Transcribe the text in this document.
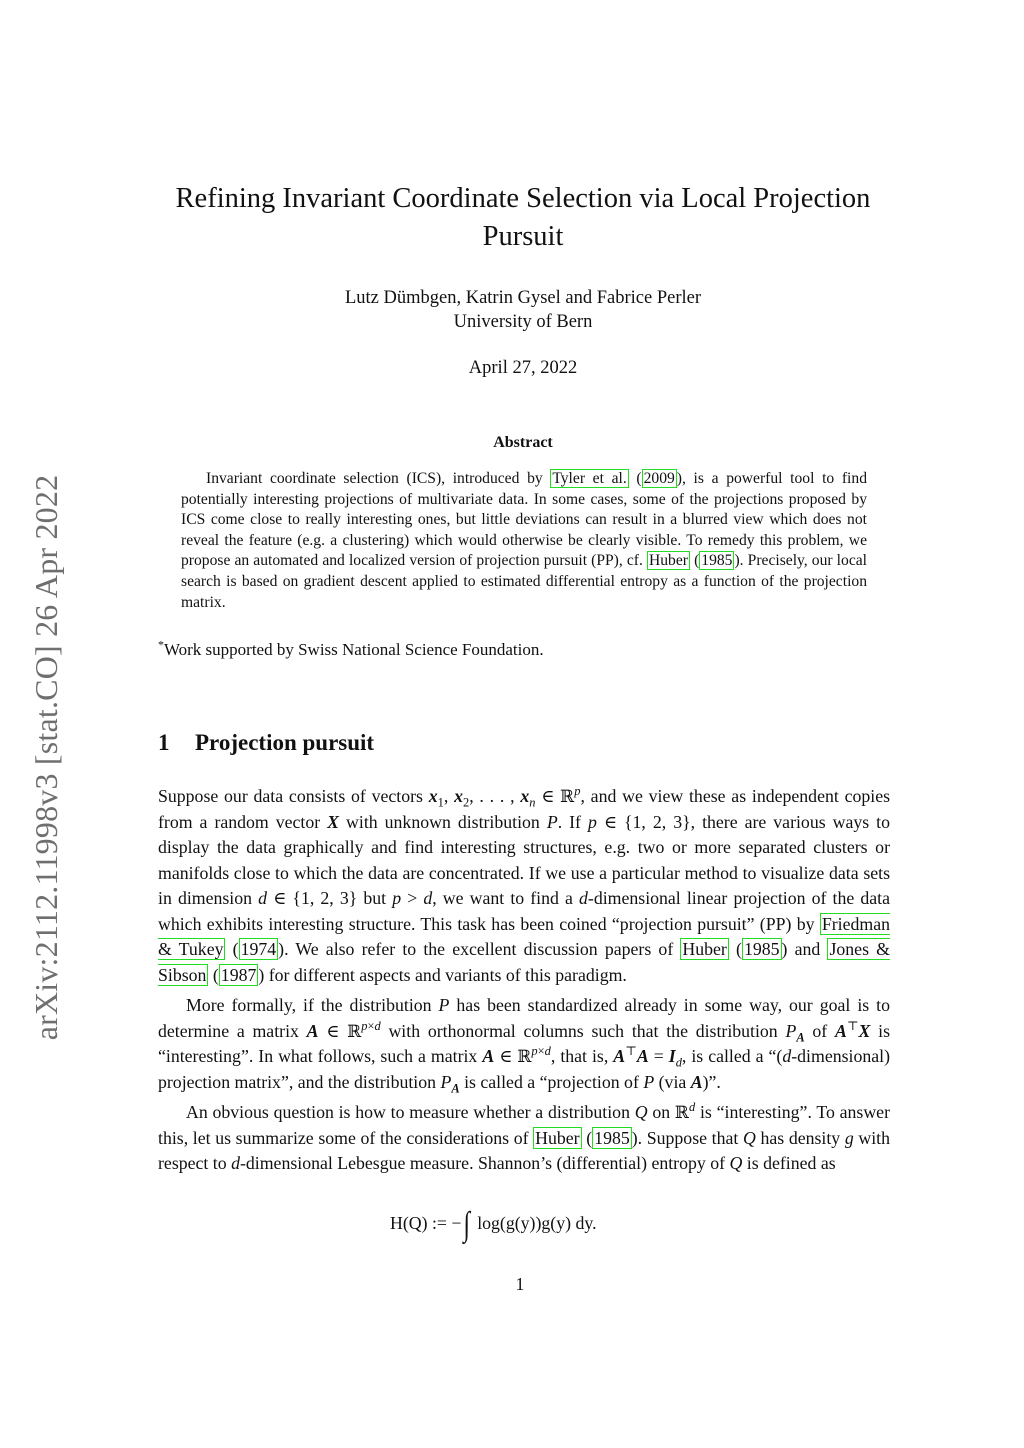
arXiv:2112.11998v3 [stat.CO] 26 Apr 2022
Refining Invariant Coordinate Selection via Local Projection Pursuit
Lutz Dümbgen, Katrin Gysel and Fabrice Perler
University of Bern
April 27, 2022
Abstract
Invariant coordinate selection (ICS), introduced by Tyler et al. ( 2009 ), is a powerful tool to find potentially interesting projections of multivariate data. In some cases, some of the projections proposed by ICS come close to really interesting ones, but little deviations can result in a blurred view which does not reveal the feature (e.g. a clustering) which would otherwise be clearly visible. To remedy this problem, we propose an automated and localized version of projection pursuit (PP), cf. Huber ( 1985 ). Precisely, our local search is based on gradient descent applied to estimated differential entropy as a function of the projection matrix.
*Work supported by Swiss National Science Foundation.
1 Projection pursuit

Suppose our data consists of vectors $x_1$, $x_2$, . . . , $x_n$ ∈ ℝ$^p$, and we view these as independent copies from a random vector X with unknown distribution P. If p ∈ {1, 2, 3}, there are various ways to display the data graphically and find interesting structures, e.g. two or more separated clusters or manifolds close to which the data are concentrated. If we use a particular method to visualize data sets in dimension d ∈ {1, 2, 3} but p > d, we want to find a d-dimensional linear projection of the data which exhibits interesting structure. This task has been coined “projection pursuit” (PP) by Friedman & Tukey ( 1974 ). We also refer to the excellent discussion papers of Huber ( 1985 ) and Jones & Sibson ( 1987 ) for different aspects and variants of this paradigm.

More formally, if the distribution P has been standardized already in some way, our goal is to determine a matrix A ∈ ℝ$^{p\times d}$ with orthonormal columns such that the distribution $P_A$ of A⊤X is “interesting”. In what follows, such a matrix A ∈ ℝ$^{p\times d}$, that is, $A^⊤A = I_d$, is called a “(d-dimensional) projection matrix”, and the distribution $P_A$ is called a “projection of P (via A)”.

An obvious question is how to measure whether a distribution Q on ℝ$^d$ is “interesting”. To answer this, let us summarize some of the considerations of Huber ( 1985 ). Suppose that Q has density g with respect to d-dimensional Lebesgue measure. Shannon’s (differential) entropy of Q is defined as

H(Q) := −∫ log(g(y))g(y) dy.
1
